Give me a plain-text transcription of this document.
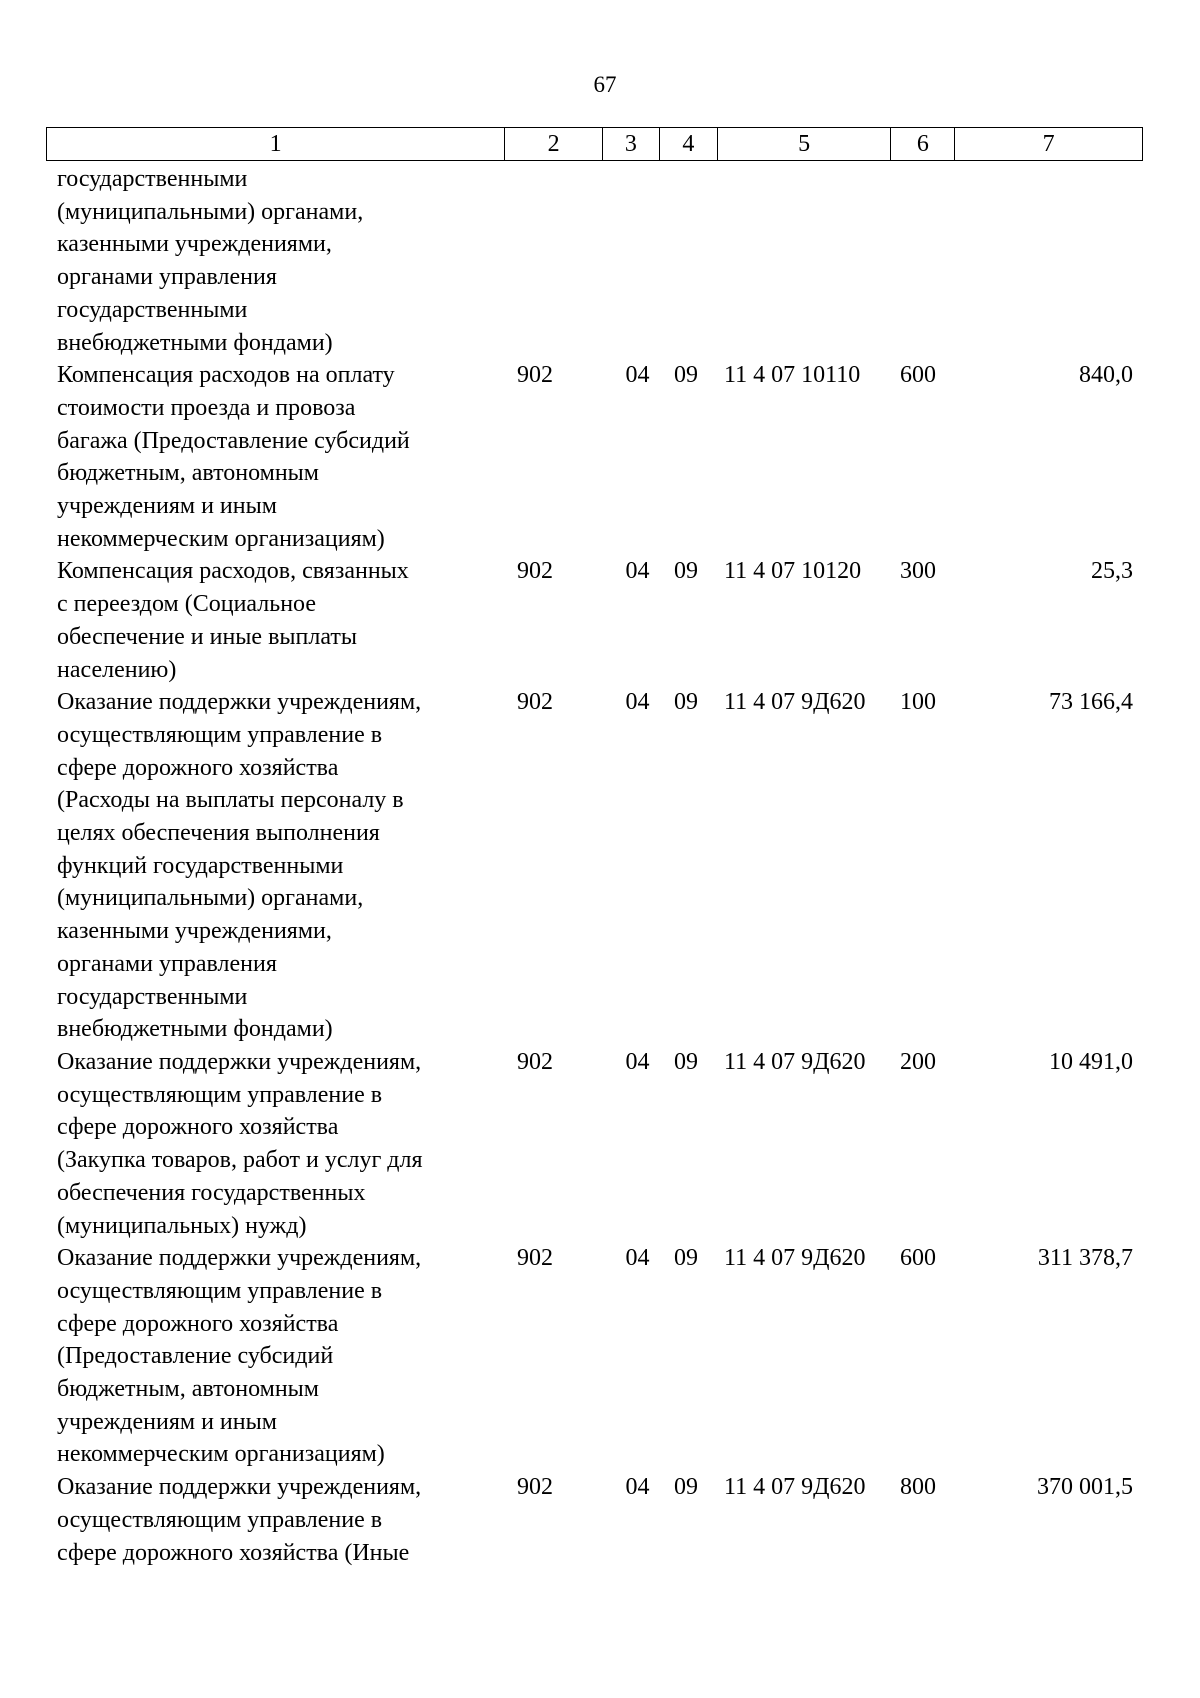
67
1	2	3	4	5	6	7
государственными
(муниципальными) органами,
казенными учреждениями,
органами управления
государственными
внебюджетными фондами)
Компенсация расходов на оплату
стоимости проезда и провоза
багажа (Предоставление субсидий
бюджетным, автономным
учреждениям и иным
некоммерческим организациям)
902	04	09	11 4 07 10110	600	840,0
Компенсация расходов, связанных
с переездом (Социальное
обеспечение и иные выплаты
населению)
902	04	09	11 4 07 10120	300	25,3
Оказание поддержки учреждениям,
осуществляющим управление в
сфере дорожного хозяйства
(Расходы на выплаты персоналу в
целях обеспечения выполнения
функций государственными
(муниципальными) органами,
казенными учреждениями,
органами управления
государственными
внебюджетными фондами)
902	04	09	11 4 07 9Д620	100	73 166,4
Оказание поддержки учреждениям,
осуществляющим управление в
сфере дорожного хозяйства
(Закупка товаров, работ и услуг для
обеспечения государственных
(муниципальных) нужд)
902	04	09	11 4 07 9Д620	200	10 491,0
Оказание поддержки учреждениям,
осуществляющим управление в
сфере дорожного хозяйства
(Предоставление субсидий
бюджетным, автономным
учреждениям и иным
некоммерческим организациям)
902	04	09	11 4 07 9Д620	600	311 378,7
Оказание поддержки учреждениям,
осуществляющим управление в
сфере дорожного хозяйства (Иные
902	04	09	11 4 07 9Д620	800	370 001,5
